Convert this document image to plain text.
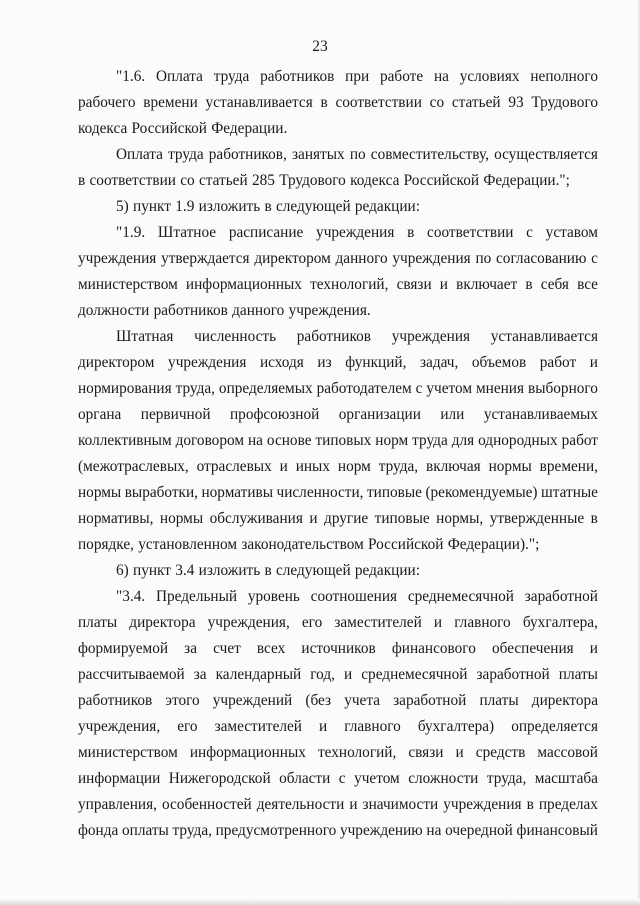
23
"1.6. Оплата труда работников при работе на условиях неполного
рабочего времени устанавливается в соответствии со статьей 93 Трудового
кодекса Российской Федерации.
Оплата труда работников, занятых по совместительству, осуществляется
в соответствии со статьей 285 Трудового кодекса Российской Федерации.";
5) пункт 1.9 изложить в следующей редакции:
"1.9. Штатное расписание учреждения в соответствии с уставом
учреждения утверждается директором данного учреждения по согласованию с
министерством информационных технологий, связи и включает в себя все
должности работников данного учреждения.
Штатная численность работников учреждения устанавливается
директором учреждения исходя из функций, задач, объемов работ и
нормирования труда, определяемых работодателем с учетом мнения выборного
органа первичной профсоюзной организации или устанавливаемых
коллективным договором на основе типовых норм труда для однородных работ
(межотраслевых, отраслевых и иных норм труда, включая нормы времени,
нормы выработки, нормативы численности, типовые (рекомендуемые) штатные
нормативы, нормы обслуживания и другие типовые нормы, утвержденные в
порядке, установленном законодательством Российской Федерации).";
6) пункт 3.4 изложить в следующей редакции:
"3.4. Предельный уровень соотношения среднемесячной заработной
платы директора учреждения, его заместителей и главного бухгалтера,
формируемой за счет всех источников финансового обеспечения и
рассчитываемой за календарный год, и среднемесячной заработной платы
работников этого учреждений (без учета заработной платы директора
учреждения, его заместителей и главного бухгалтера) определяется
министерством информационных технологий, связи и средств массовой
информации Нижегородской области с учетом сложности труда, масштаба
управления, особенностей деятельности и значимости учреждения в пределах
фонда оплаты труда, предусмотренного учреждению на очередной финансовый
